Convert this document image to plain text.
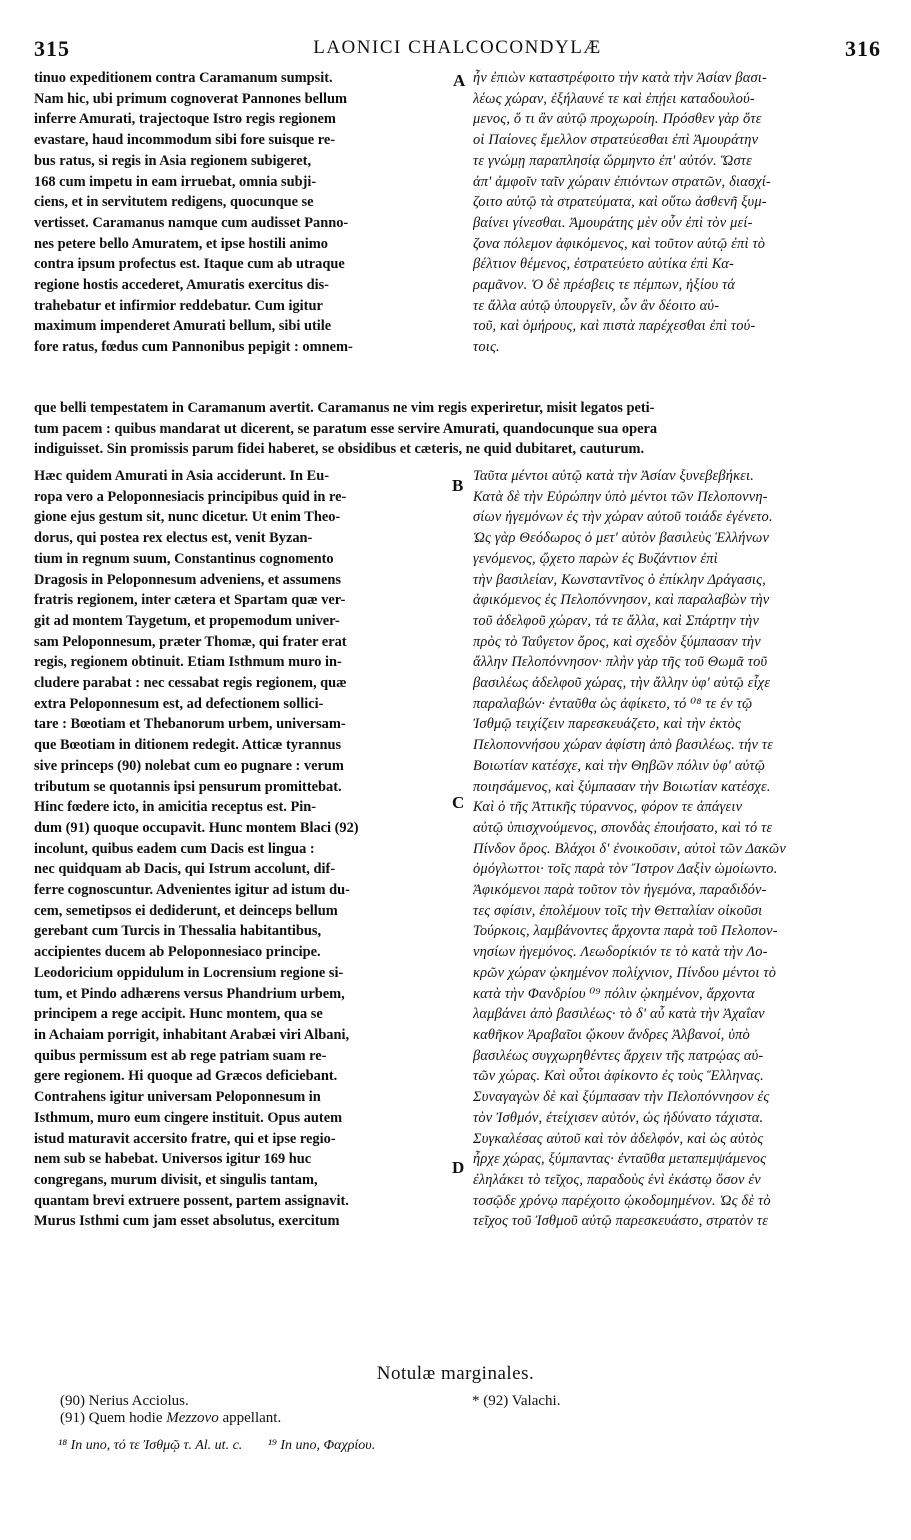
315	LAONICI CHALCOCONDYLÆ	316
tinuo expeditionem contra Caramanum sumpsit.
Nam hic, ubi primum cognoverat Pannones bellum
inferre Amurati, trajectoque Istro regis regionem
evastare, haud incommodum sibi fore suisque re-
bus ratus, si regis in Asia regionem subigeret,
168 cum impetu in eam irruebat, omnia subji-
ciens, et in servitutem redigens, quocunque se
vertisset. Caramanus namque cum audisset Panno-
nes petere bello Amuratem, et ipse hostili animo
contra ipsum profectus est. Itaque cum ab utraque
regione hostis accederet, Amuratis exercitus dis-
trahebatur et infirmior reddebatur. Cum igitur
maximum impenderet Amurati bellum, sibi utile
fore ratus, fœdus cum Pannonibus pepigit : omnem-
A ἦν ἐπιὼν καταστρέφοιτο τὴν κατὰ τὴν Ἀσίαν βασι-
λέως χώραν, ἐξήλαυνέ τε καὶ ἐπῄει καταδουλού-
μενος, ὅ τι ἂν αὐτῷ προχωροίη. Πρόσθεν γὰρ ὅτε
οἱ Παίονες ἔμελλον στρατεύεσθαι ἐπὶ Ἀμουράτην
τε γνώμῃ παραπλησίᾳ ὥρμηντο ἐπ' αὐτόν. Ὥστε
ἀπ' ἀμφοῖν ταῖν χώραιν ἐπιόντων στρατῶν, διασχί-
ζοιτο αὐτῷ τὰ στρατεύματα, καὶ οὕτω ἀσθενῆ ξυμ-
βαίνει γίνεσθαι. Ἀμουράτης μὲν οὖν ἐπὶ τὸν μεί-
ζονα πόλεμον ἀφικόμενος, καὶ τοῦτον αὐτῷ ἐπὶ τὸ
βέλτιον θέμενος, ἐστρατεύετο αὐτίκα ἐπὶ Κα-
ραμᾶνον. Ὁ δὲ πρέσβεις τε πέμπων, ἠξίου τά
τε ἄλλα αὐτῷ ὑπουργεῖν, ὧν ἂν δέοιτο αὐ-
τοῦ, καὶ ὁμήρους, καὶ πιστὰ παρέχεσθαι ἐπὶ τού-
τοις.
que belli tempestatem in Caramanum avertit. Caramanus ne vim regis experiretur, misit legatos peti-
tum pacem : quibus mandarat ut dicerent, se paratum esse servire Amurati, quandocunque sua opera
indiguisset. Sin promissis parum fidei haberet, se obsidibus et cæteris, ne quid dubitaret, cauturum.
Hæc quidem Amurati in Asia acciderunt. In Eu-
ropa vero a Peloponnesiacis principibus quid in re-
gione ejus gestum sit, nunc dicetur. Ut enim Theo-
dorus, qui postea rex electus est, venit Byzan-
tium in regnum suum, Constantinus cognomento
Dragosis in Peloponnesum adveniens, et assumens
fratris regionem, inter cætera et Spartam quæ ver-
git ad montem Taygetum, et propemodum univer-
sam Peloponnesum, præter Thomæ, qui frater erat
regis, regionem obtinuit. Etiam Isthmum muro in-
cludere parabat : nec cessabat regis regionem, quæ
extra Peloponnesum est, ad defectionem sollici-
tare : Bœotiam et Thebanorum urbem, universam-
que Bœotiam in ditionem redegit. Atticæ tyrannus
sive princeps (90) nolebat cum eo pugnare : verum
tributum se quotannis ipsi pensurum promittebat.
Hinc fœdere icto, in amicitia receptus est. Pin-
dum (91) quoque occupavit. Hunc montem Blaci (92)
incolunt, quibus eadem cum Dacis est lingua :
nec quidquam ab Dacis, qui Istrum accolunt, dif-
ferre cognoscuntur. Advenientes igitur ad istum du-
cem, semetipsos ei dediderunt, et deinceps bellum
gerebant cum Turcis in Thessalia habitantibus,
accipientes ducem ab Peloponnesiaco principe.
Leodoricium oppidulum in Locrensium regione si-
tum, et Pindo adhærens versus Phandrium urbem,
principem a rege accipit. Hunc montem, qua se
in Achaiam porrigit, inhabitant Arabæi viri Albani,
quibus permissum est ab rege patriam suam re-
gere regionem. Hi quoque ad Græcos deficiebant.
Contrahens igitur universam Peloponnesum in
Isthmum, muro eum cingere instituit. Opus autem
istud maturavit accersito fratre, qui et ipse regio-
nem sub se habebat. Universos igitur 169 huc
congregans, murum divisit, et singulis tantam,
quantam brevi extruere possent, partem assignavit.
Murus Isthmi cum jam esset absolutus, exercitum
B
C
D
Ταῦτα μέντοι αὐτῷ κατὰ τὴν Ἀσίαν ξυνεβεβήκει.
Κατὰ δὲ τὴν Εὐρώπην ὑπὸ μέντοι τῶν Πελοποννη-
σίων ἡγεμόνων ἐς τὴν χώραν αὐτοῦ τοιάδε ἐγένετο.
Ὡς γὰρ Θεόδωρος ὁ μετ' αὐτὸν βασιλεὺς Ἑλλήνων
γενόμενος, ᾤχετο παρὼν ἐς Βυζάντιον ἐπὶ
τὴν βασιλείαν, Κωνσταντῖνος ὁ ἐπίκλην Δράγασις,
ἀφικόμενος ἐς Πελοπόννησον, καὶ παραλαβὼν τὴν
τοῦ ἀδελφοῦ χώραν, τά τε ἄλλα, καὶ Σπάρτην τὴν
πρὸς τὸ Ταΰγετον ὄρος, καὶ σχεδὸν ξύμπασαν τὴν
ἄλλην Πελοπόννησον· πλὴν γὰρ τῆς τοῦ Θωμᾶ τοῦ
βασιλέως ἀδελφοῦ χώρας, τὴν ἄλλην ὑφ' αὑτῷ εἶχε
παραλαβών· ἐνταῦθα ὡς ἀφίκετο, τό ⁰⁸ τε ἐν τῷ
Ἰσθμῷ τειχίζειν παρεσκευάζετο, καὶ τὴν ἐκτὸς
Πελοποννήσου χώραν ἀφίστη ἀπὸ βασιλέως. τήν τε
Βοιωτίαν κατέσχε, καὶ τὴν Θηβῶν πόλιν ὑφ' αὑτῷ
ποιησάμενος, καὶ ξύμπασαν τὴν Βοιωτίαν κατέσχε.
Καὶ ὁ τῆς Ἀττικῆς τύραννος, φόρον τε ἀπάγειν
αὐτῷ ὑπισχνούμενος, σπονδὰς ἐποιήσατο, καὶ τό τε
Πίνδον ὄρος. Βλάχοι δ' ἐνοικοῦσιν, αὐτοὶ τῶν Δακῶν
ὁμόγλωττοι· τοῖς παρὰ τὸν Ἴστρον Δαξὶν ὡμοίωντο.
Ἀφικόμενοι παρὰ τοῦτον τὸν ἡγεμόνα, παραδιδόν-
τες σφίσιν, ἐπολέμουν τοῖς τὴν Θετταλίαν οἰκοῦσι
Τούρκοις, λαμβάνοντες ἄρχοντα παρὰ τοῦ Πελοπον-
νησίων ἡγεμόνος. Λεωδορίκιόν τε τὸ κατὰ τὴν Λο-
κρῶν χώραν ᾠκημένον πολίχνιον, Πίνδου μέντοι τὸ
κατὰ τὴν Φανδρίου ⁰⁹ πόλιν ᾠκημένον, ἄρχοντα
λαμβάνει ἀπὸ βασιλέως· τὸ δ' αὖ κατὰ τὴν Ἀχαΐαν
καθῆκον Ἀραβαῖοι ᾤκουν ἄνδρες Ἀλβανοί, ὑπὸ
βασιλέως συγχωρηθέντες ἄρχειν τῆς πατρῴας αὐ-
τῶν χώρας. Καὶ οὗτοι ἀφίκοντο ἐς τοὺς Ἕλληνας.
Συναγαγὼν δὲ καὶ ξύμπασαν τὴν Πελοπόννησον ἐς
τὸν Ἰσθμόν, ἐτείχισεν αὐτόν, ὡς ἠδύνατο τάχιστα.
Συγκαλέσας αὐτοῦ καὶ τὸν ἀδελφόν, καὶ ὡς αὐτὸς
ἦρχε χώρας, ξύμπαντας· ἐνταῦθα μεταπεμψάμενος
ἐληλάκει τὸ τεῖχος, παραδοὺς ἑνὶ ἑκάστῳ ὅσον ἐν
τοσῷδε χρόνῳ παρέχοιτο ᾠκοδομημένον. Ὡς δὲ τὸ
τεῖχος τοῦ Ἰσθμοῦ αὐτῷ παρεσκευάστο, στρατὸν τε
Notulæ marginales.
(90) Nerius Acciolus.
(91) Quem hodie Mezzovo appellant.
* (92) Valachi.
¹⁸ In uno, τό τε Ἰσθμῷ τ. Αl. ut. c. ¹⁹ In uno, Φαχρίου.
